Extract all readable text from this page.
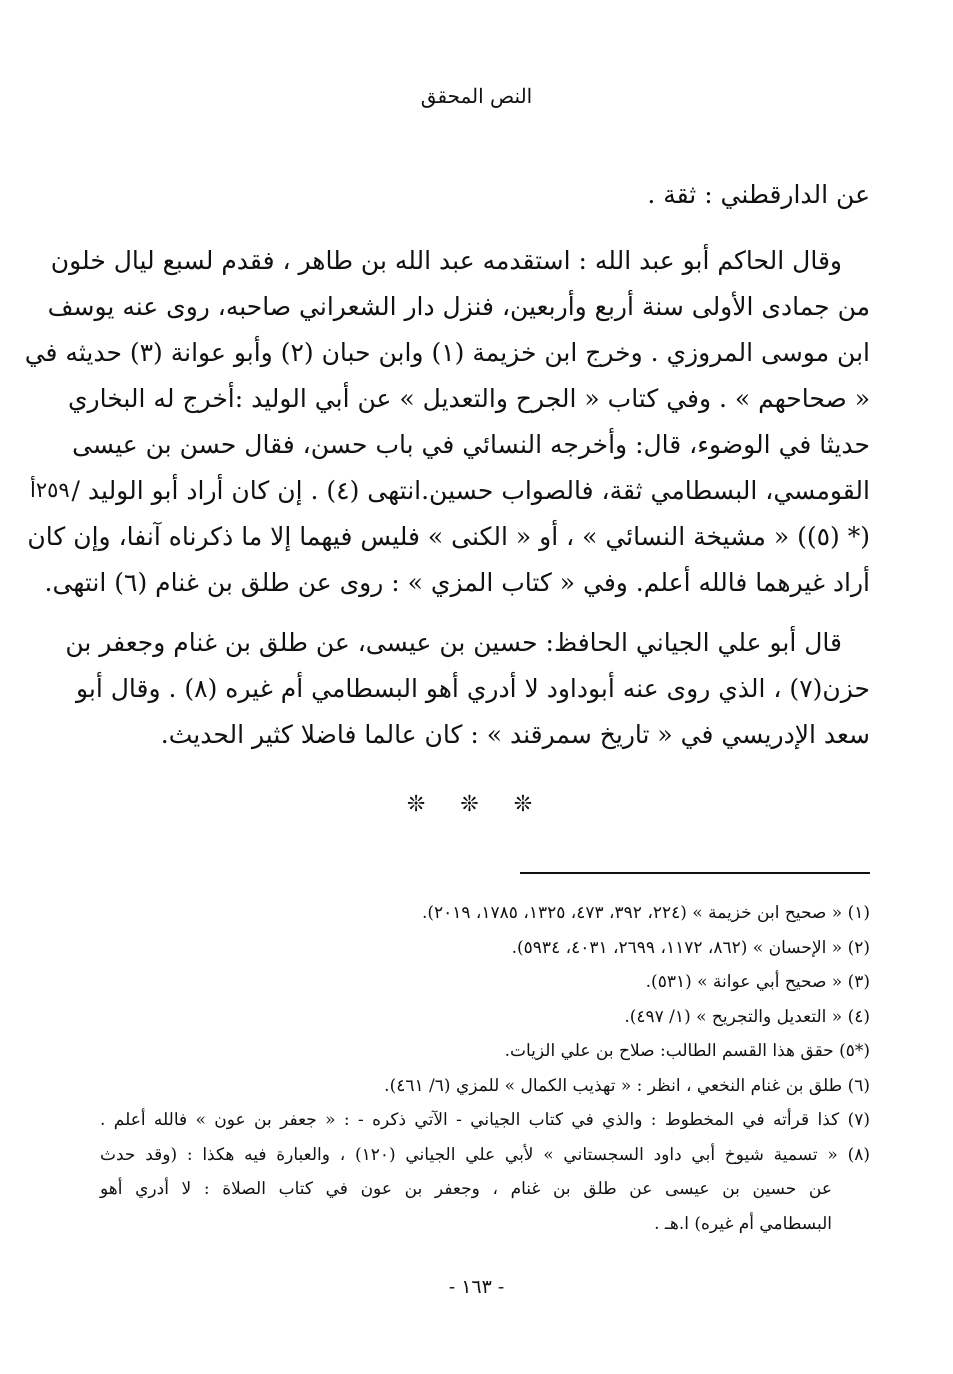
النص المحقق

عن الدارقطني : ثقة .

وقال الحاكم أبو عبد الله : استقدمه عبد الله بن طاهر ، فقدم لسبع ليال خلون
من جمادى الأولى سنة أربع وأربعين، فنزل دار الشعراني صاحبه، روى عنه يوسف
ابن موسى المروزي . وخرج ابن خزيمة (١) وابن حبان (٢) وأبو عوانة (٣) حديثه في
« صحاحهم » . وفي كتاب « الجرح والتعديل » عن أبي الوليد :أخرج له البخاري
حديثا في الوضوء، قال: وأخرجه النسائي في باب حسن، فقال حسن بن عيسى
القومسي، البسطامي ثقة، فالصواب حسين.انتهى (٤) . إن كان أراد أبو الوليد /
(* (٥)) « مشيخة النسائي » ، أو « الكنى » فليس فيهما إلا ما ذكرناه آنفا، وإن كان
أراد غيرهما فالله أعلم. وفي « كتاب المزي » : روى عن طلق بن غنام (٦) انتهى.

قال أبو علي الجياني الحافظ: حسين بن عيسى، عن طلق بن غنام وجعفر بن
حزن(٧) ، الذي روى عنه أبوداود لا أدري أهو البسطامي أم غيره (٨) . وقال أبو
سعد الإدريسي في « تاريخ سمرقند » : كان عالما فاضلا كثير الحديث.

٢٥٩أ
❊ ❊ ❊
(١) « صحيح ابن خزيمة » (٢٢٤، ٣٩٢، ٤٧٣، ١٣٢٥، ١٧٨٥، ٢٠١٩).
(٢) « الإحسان » (٨٦٢، ١١٧٢، ٢٦٩٩، ٤٠٣١، ٥٩٣٤).
(٣) « صحيح أبي عوانة » (٥٣١).
(٤) « التعديل والتجريح » (١/ ٤٩٧).
(*٥) حقق هذا القسم الطالب: صلاح بن علي الزيات.
(٦) طلق بن غنام النخعي ، انظر : « تهذيب الكمال » للمزي (٦/ ٤٦١).
(٧) كذا قرأته في المخطوط : والذي في كتاب الجياني - الآتي ذكره - : « جعفر بن عون » فالله أعلم .
(٨) « تسمية شيوخ أبي داود السجستاني » لأبي علي الجياني (١٢٠) ، والعبارة فيه هكذا : (وقد حدث
عن حسين بن عيسى عن طلق بن غنام ، وجعفر بن عون في كتاب الصلاة : لا أدري أهو
البسطامي أم غيره) ا.هـ .
- ١٦٣ -
